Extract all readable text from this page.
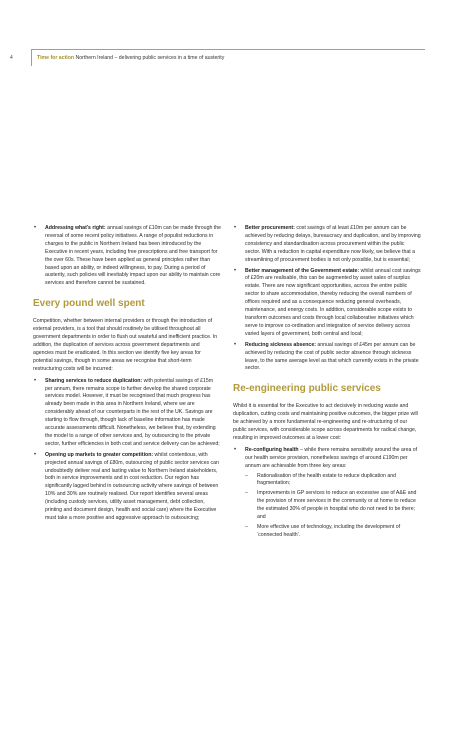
4	Time for action Northern Ireland – delivering public services in a time of austerity
• Addressing what’s right: annual savings of £10m can be made through the reversal of some recent policy initiatives. A range of populist reductions in charges to the public in Northern Ireland has been introduced by the Executive in recent years, including free prescriptions and free transport for the over 60s. These have been applied as general principles rather than based upon an ability, or indeed willingness, to pay. During a period of austerity, such policies will inevitably impact upon our ability to maintain core services and therefore cannot be sustained.
Every pound well spent

Competition, whether between internal providers or through the introduction of external providers, is a tool that should routinely be utilised throughout all government departments in order to flush out wasteful and inefficient practice. In addition, the duplication of services across government departments and agencies must be eradicated. In this section we identify five key areas for potential savings, though in some areas we recognise that short-term restructuring costs will be incurred:

• Sharing services to reduce duplication: with potential savings of £15m per annum, there remains scope to further develop the shared corporate services model. However, it must be recognised that much progress has already been made in this area in Northern Ireland, where we are considerably ahead of our counterparts in the rest of the UK. Savings are starting to flow through, though lack of baseline information has made accurate assessments difficult. Nonetheless, we believe that, by extending the model to a range of other services and, by outsourcing to the private sector, further efficiencies in both cost and service delivery can be achieved;
• Opening up markets to greater competition: whilst contentious, with projected annual savings of £80m, outsourcing of public sector services can undoubtedly deliver real and lasting value to Northern Ireland stakeholders, both in service improvements and in cost reduction. Our region has significantly lagged behind in outsourcing activity where savings of between 10% and 30% are routinely realised. Our report identifies several areas (including custody services, utility asset management, debt collection, printing and document design, health and social care) where the Executive must take a more positive and aggressive approach to outsourcing;
• Better procurement: cost savings of at least £10m per annum can be achieved by reducing delays, bureaucracy and duplication, and by improving consistency and standardisation across procurement within the public sector. With a reduction in capital expenditure now likely, we believe that a streamlining of procurement bodies is not only possible, but is essential;
• Better management of the Government estate: whilst annual cost savings of £20m are realisable, this can be augmented by asset sales of surplus estate. There are now significant opportunities, across the entire public sector to share accommodation, thereby reducing the overall numbers of offices required and as a consequence reducing general overheads, maintenance, and energy costs. In addition, considerable scope exists to transform outcomes and costs through local collaborative initiatives which serve to improve co-ordination and integration of service delivery across varied layers of government, both central and local;
• Reducing sickness absence: annual savings of £45m per annum can be achieved by reducing the cost of public sector absence through sickness leave, to the same average level as that which currently exists in the private sector.
Re-engineering public services

Whilst it is essential for the Executive to act decisively in reducing waste and duplication, cutting costs and maintaining positive outcomes, the bigger prize will be achieved by a more fundamental re-engineering and re-structuring of our public services, with considerable scope across departments for radical change, resulting in improved outcomes at a lower cost:

• Re-configuring health – while there remains sensitivity around the area of our health service provision, nonetheless savings of around £190m per annum are achievable from three key areas:
– Rationalisation of the health estate to reduce duplication and fragmentation;
– Improvements in GP services to reduce an excessive use of A&E and the provision of more services in the community or at home to reduce the estimated 30% of people in hospital who do not need to be there; and
– More effective use of technology, including the development of ‘connected health’.
